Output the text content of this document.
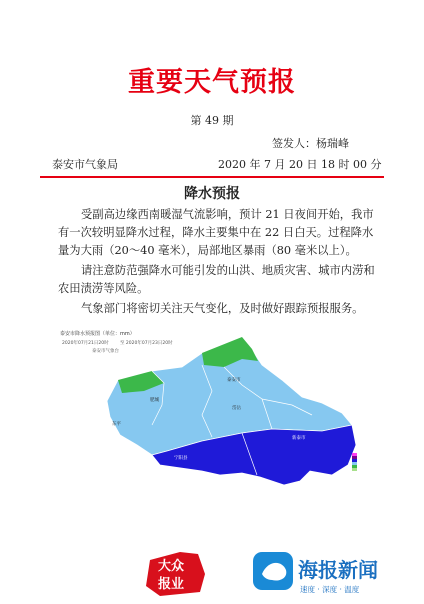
重要天气预报
第 49 期
签发人：杨瑞峰
泰安市气象局	2020 年 7 月 20 日 18 时 00 分
降水预报
受副高边缘西南暖湿气流影响，预计 21 日夜间开始，我市有一次较明显降水过程，降水主要集中在 22 日白天。过程降水量为大雨（20～40 毫米），局部地区暴雨（80 毫米以上）。
请注意防范强降水可能引发的山洪、地质灾害、城市内涝和农田渍涝等风险。
气象部门将密切关注天气变化，及时做好跟踪预报服务。
泰安市降水预报图（单位：mm）
2020年07月21日20时	至 2020年07月23日20时
泰安市气象台
东平
泰安市
肥城
宁阳县
新泰市
岱岳
大众
报业
海报新闻
速度 · 深度 · 温度
